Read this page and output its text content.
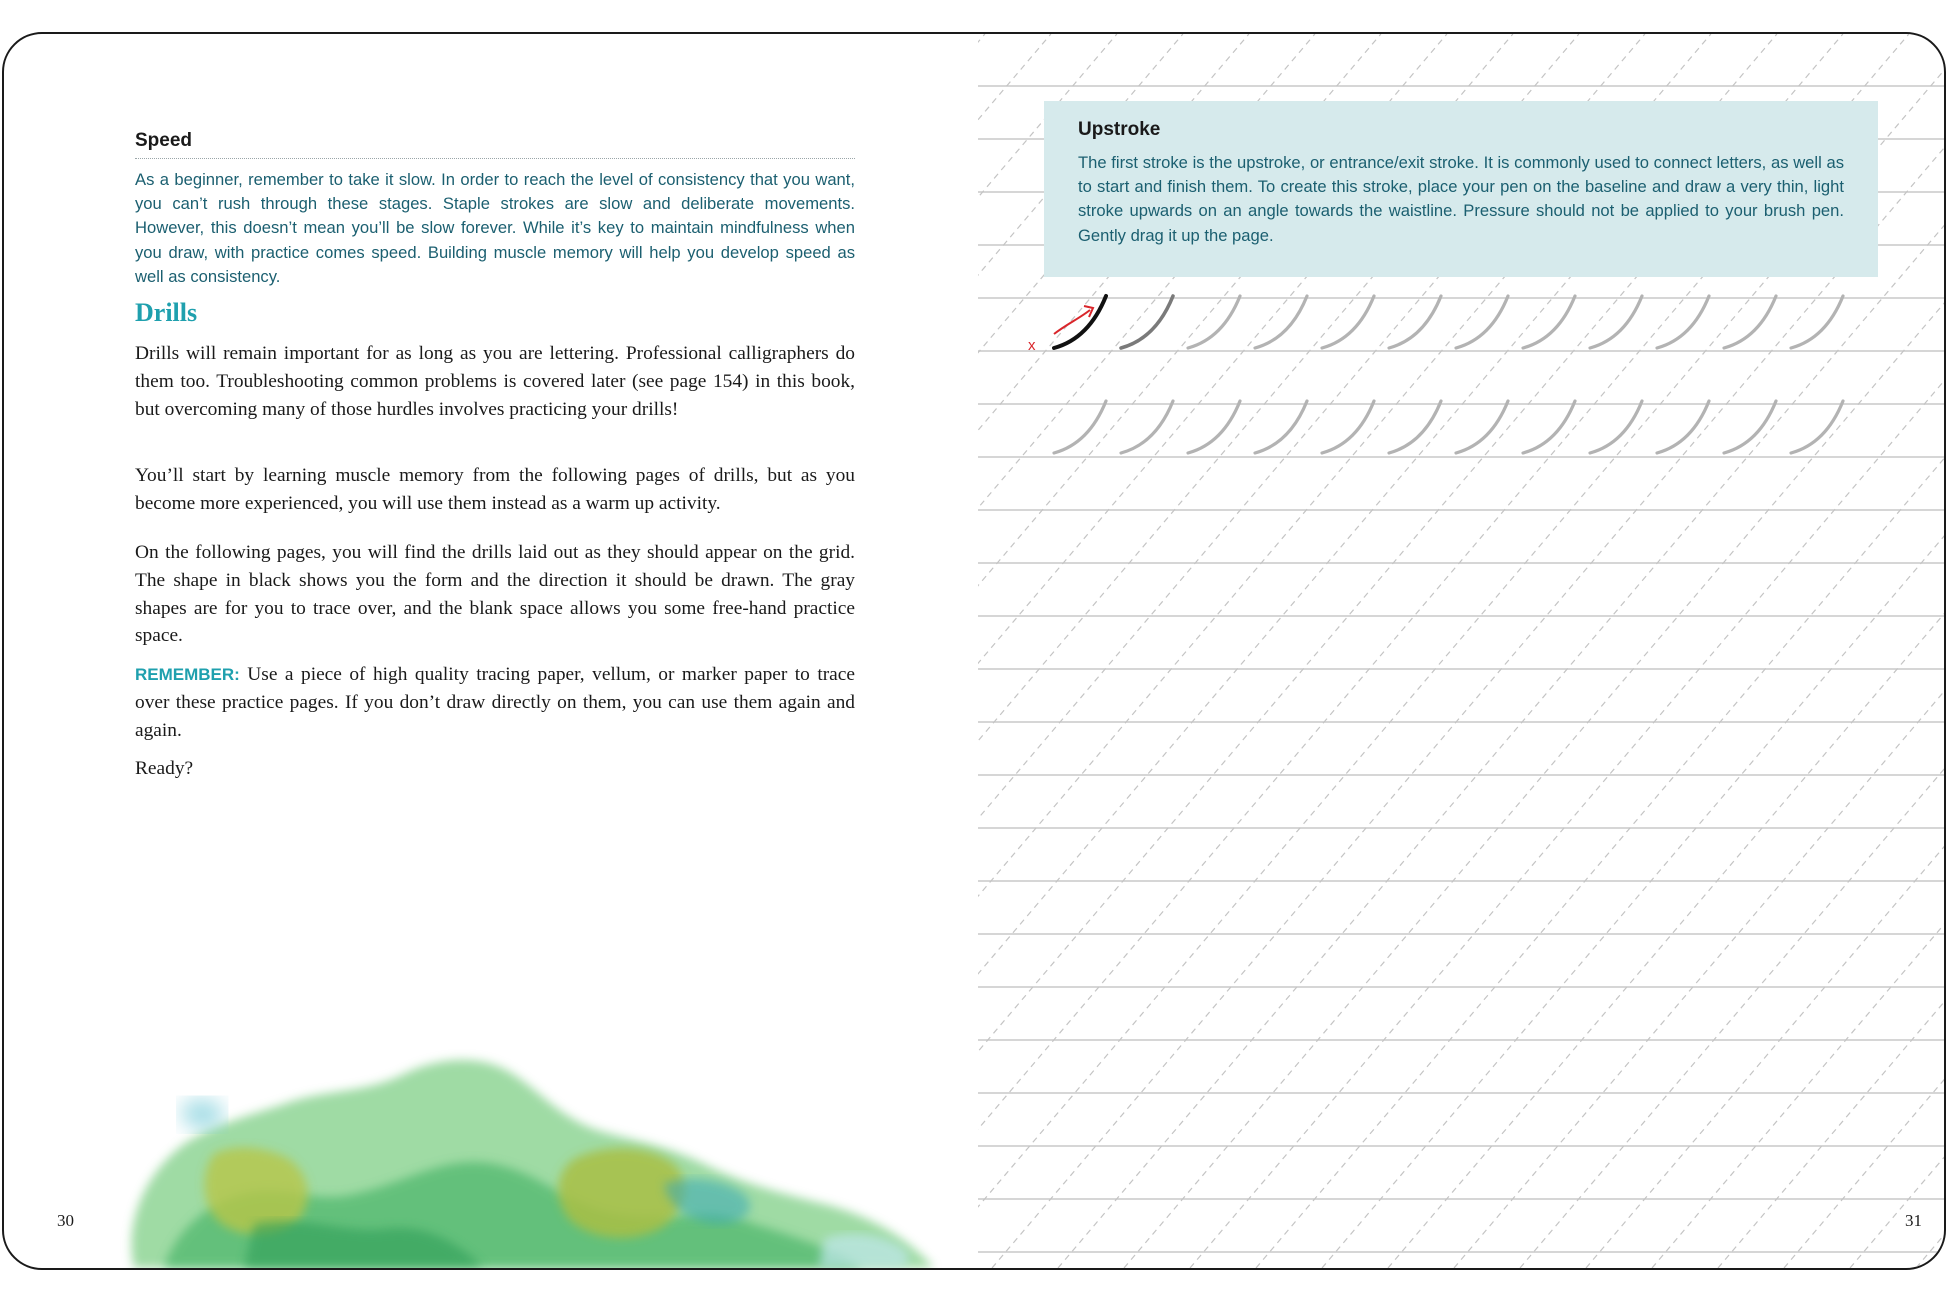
Speed

As a beginner, remember to take it slow. In order to reach the level of consistency that you want, you can’t rush through these stages. Staple strokes are slow and deliberate movements. However, this doesn’t mean you’ll be slow forever. While it’s key to maintain mindfulness when you draw, with practice comes speed. Building muscle memory will help you develop speed as well as consistency.

Drills

Drills will remain important for as long as you are lettering. Professional calligraphers do them too. Troubleshooting common problems is covered later (see page 154) in this book, but overcoming many of those hurdles involves practicing your drills!

You’ll start by learning muscle memory from the following pages of drills, but as you become more experienced, you will use them instead as a warm up activity.

On the following pages, you will find the drills laid out as they should appear on the grid. The shape in black shows you the form and the direction it should be drawn. The gray shapes are for you to trace over, and the blank space allows you some free-hand practice space.

REMEMBER: Use a piece of high quality tracing paper, vellum, or marker paper to trace over these practice pages. If you don’t draw directly on them, you can use them again and again.

Ready?

30
Upstroke

The first stroke is the upstroke, or entrance/exit stroke. It is commonly used to connect letters, as well as to start and finish them. To create this stroke, place your pen on the baseline and draw a very thin, light stroke upwards on an angle towards the waistline. Pressure should not be applied to your brush pen. Gently drag it up the page.

x
31
